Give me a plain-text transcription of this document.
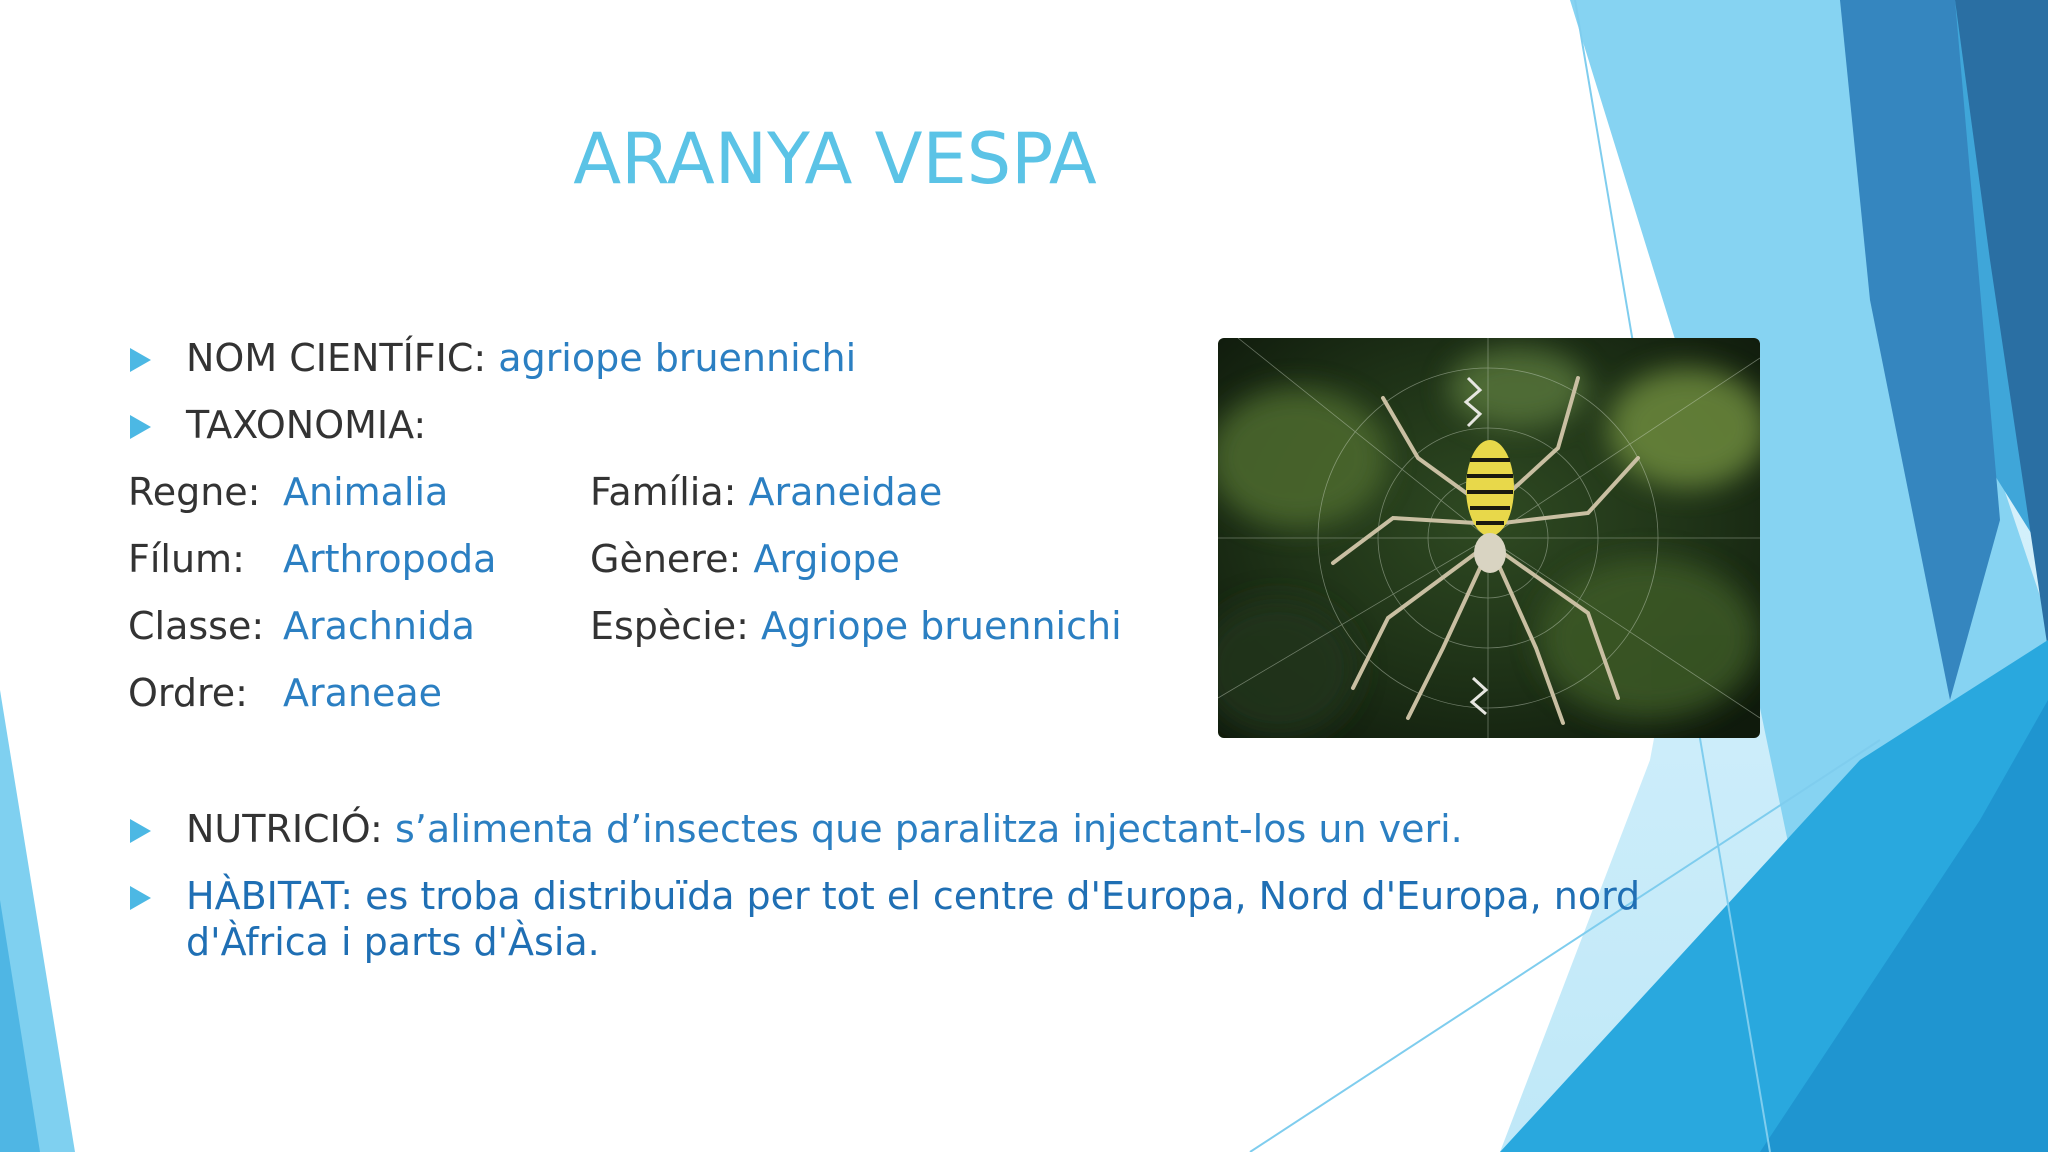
ARANYA VESPA
NOM CIENTÍFIC: agriope bruennichi
TAXONOMIA:
Regne: Animalia
Fílum: Arthropoda
Classe: Arachnida
Ordre: Araneae
Família: Araneidae
Gènere: Argiope
Espècie: Agriope bruennichi
NUTRICIÓ: s’alimenta d’insectes que paralitza injectant-los un veri.
HÀBITAT: es troba distribuïda per tot el centre d'Europa, Nord d'Europa, nord
d'Àfrica i parts d'Àsia.
